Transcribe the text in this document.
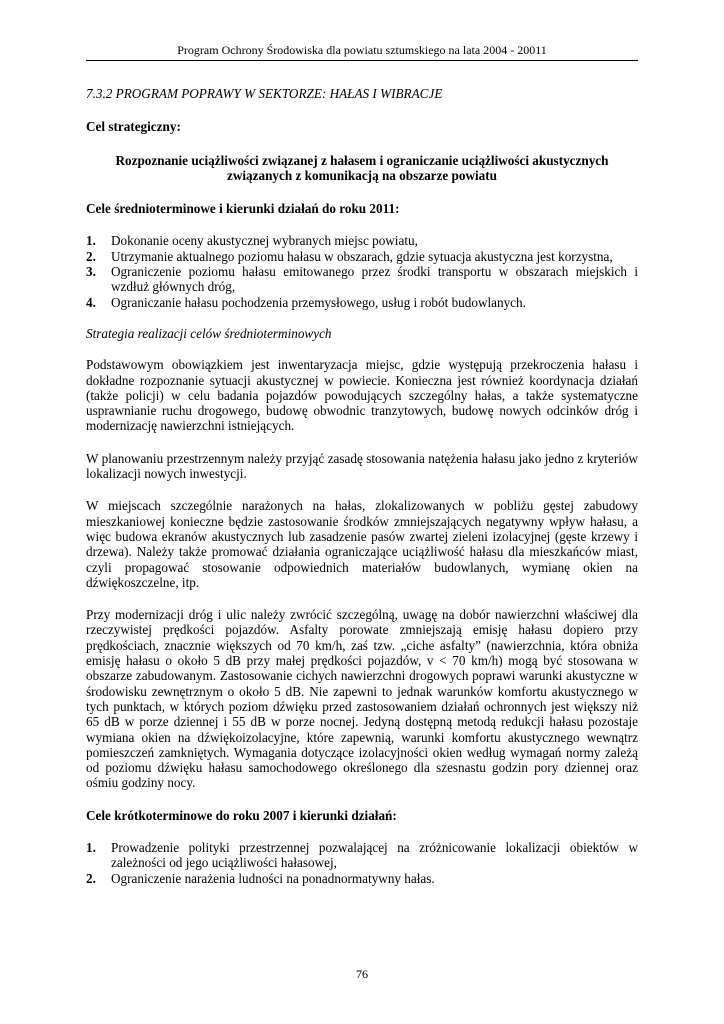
Program Ochrony Środowiska dla powiatu sztumskiego na lata 2004 - 20011
7.3.2 PROGRAM POPRAWY W SEKTORZE: HAŁAS I WIBRACJE
Cel strategiczny:
Rozpoznanie uciążliwości związanej z hałasem i ograniczanie uciążliwości akustycznych związanych z komunikacją na obszarze powiatu
Cele średnioterminowe i kierunki działań do roku 2011:
1. Dokonanie oceny akustycznej wybranych miejsc powiatu,
2. Utrzymanie aktualnego poziomu hałasu w obszarach, gdzie sytuacja akustyczna jest korzystna,
3. Ograniczenie poziomu hałasu emitowanego przez środki transportu w obszarach miejskich i wzdłuż głównych dróg,
4. Ograniczanie hałasu pochodzenia przemysłowego, usług i robót budowlanych.
Strategia realizacji celów średnioterminowych

Podstawowym obowiązkiem jest inwentaryzacja miejsc, gdzie występują przekroczenia hałasu i dokładne rozpoznanie sytuacji akustycznej w powiecie. Konieczna jest również koordynacja działań (także policji) w celu badania pojazdów powodujących szczególny hałas, a także systematyczne usprawnianie ruchu drogowego, budowę obwodnic tranzytowych, budowę nowych odcinków dróg i modernizację nawierzchni istniejących.

W planowaniu przestrzennym należy przyjąć zasadę stosowania natężenia hałasu jako jedno z kryteriów lokalizacji nowych inwestycji.

W miejscach szczególnie narażonych na hałas, zlokalizowanych w pobliżu gęstej zabudowy mieszkaniowej konieczne będzie zastosowanie środków zmniejszających negatywny wpływ hałasu, a więc budowa ekranów akustycznych lub zasadzenie pasów zwartej zieleni izolacyjnej (gęste krzewy i drzewa). Należy także promować działania ograniczające uciążliwość hałasu dla mieszkańców miast, czyli propagować stosowanie odpowiednich materiałów budowlanych, wymianę okien na dźwiękoszczelne, itp.

Przy modernizacji dróg i ulic należy zwrócić szczególną, uwagę na dobór nawierzchni właściwej dla rzeczywistej prędkości pojazdów. Asfalty porowate zmniejszają emisję hałasu dopiero przy prędkościach, znacznie większych od 70 km/h, zaś tzw. „ciche asfalty” (nawierzchnia, która obniża emisję hałasu o około 5 dB przy małej prędkości pojazdów, v < 70 km/h) mogą być stosowana w obszarze zabudowanym. Zastosowanie cichych nawierzchni drogowych poprawi warunki akustyczne w środowisku zewnętrznym o około 5 dB. Nie zapewni to jednak warunków komfortu akustycznego w tych punktach, w których poziom dźwięku przed zastosowaniem działań ochronnych jest większy niż 65 dB w porze dziennej i 55 dB w porze nocnej. Jedyną dostępną metodą redukcji hałasu pozostaje wymiana okien na dźwiękoizolacyjne, które zapewnią, warunki komfortu akustycznego wewnątrz pomieszczeń zamkniętych. Wymagania dotyczące izolacyjności okien według wymagań normy zależą od poziomu dźwięku hałasu samochodowego określonego dla szesnastu godzin pory dziennej oraz ośmiu godziny nocy.

Cele krótkoterminowe do roku 2007 i kierunki działań:
1. Prowadzenie polityki przestrzennej pozwalającej na zróżnicowanie lokalizacji obiektów w zależności od jego uciążliwości hałasowej,
2. Ograniczenie narażenia ludności na ponadnormatywny hałas.
76
